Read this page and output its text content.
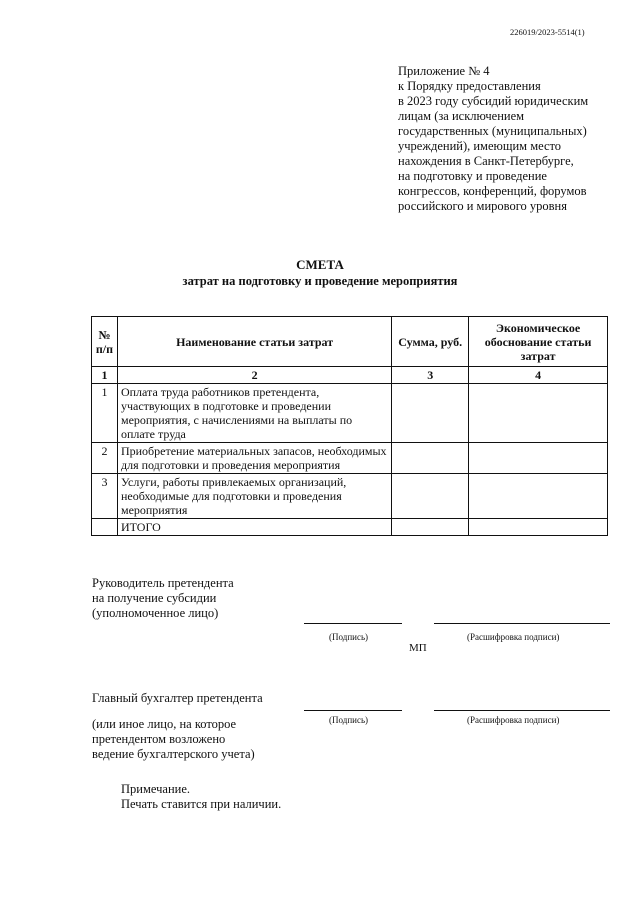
226019/2023-5514(1)
Приложение № 4
к Порядку предоставления
в 2023 году субсидий юридическим
лицам (за исключением
государственных (муниципальных)
учреждений), имеющим место
нахождения в Санкт-Петербурге,
на подготовку и проведение
конгрессов, конференций, форумов
российского и мирового уровня
СМЕТА
затрат на подготовку и проведение мероприятия
№ п/п	Наименование статьи затрат	Сумма, руб.	Экономическое обоснование статьи затрат
1	2	3	4
1	Оплата труда работников претендента, участвующих в подготовке и проведении мероприятия, с начислениями на выплаты по оплате труда		
2	Приобретение материальных запасов, необходимых для подготовки и проведения мероприятия		
3	Услуги, работы привлекаемых организаций, необходимые для подготовки и проведения мероприятия		
	ИТОГО		
Руководитель претендента
на получение субсидии
(уполномоченное лицо)
(Подпись)	(Расшифровка подписи)
МП
Главный бухгалтер претендента
(Подпись)	(Расшифровка подписи)
(или иное лицо, на которое
претендентом возложено
ведение бухгалтерского учета)
Примечание.
Печать ставится при наличии.
